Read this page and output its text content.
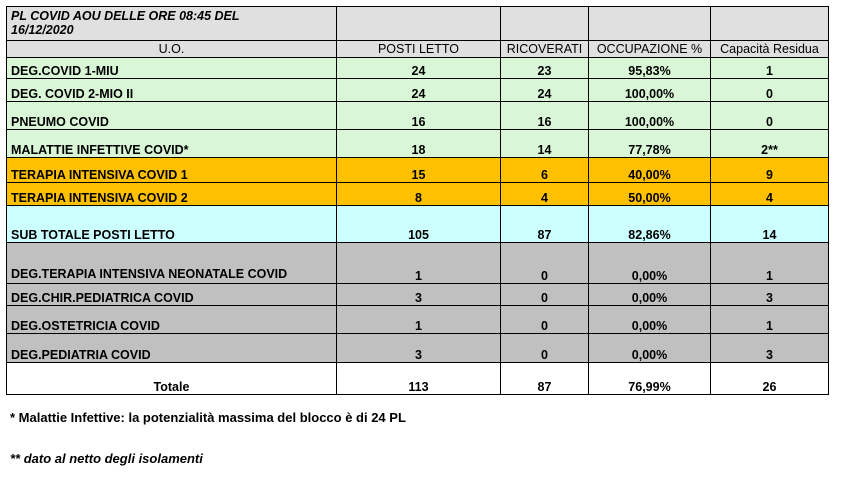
PL COVID AOU DELLE ORE 08:45 DEL
16/12/2020				

U.O.	POSTI LETTO	RICOVERATI	OCCUPAZIONE %	Capacità Residua
DEG.COVID 1-MIU	24	23	95,83%	1
DEG. COVID 2-MIO II	24	24	100,00%	0
PNEUMO COVID	16	16	100,00%	0
MALATTIE INFETTIVE COVID*	18	14	77,78%	2**
TERAPIA INTENSIVA COVID 1	15	6	40,00%	9
TERAPIA INTENSIVA COVID 2	8	4	50,00%	4
SUB TOTALE POSTI LETTO	105	87	82,86%	14
DEG.TERAPIA INTENSIVA NEONATALE COVID	1	0	0,00%	1
DEG.CHIR.PEDIATRICA COVID	3	0	0,00%	3
DEG.OSTETRICIA COVID	1	0	0,00%	1
DEG.PEDIATRIA COVID	3	0	0,00%	3
Totale	113	87	76,99%	26
* Malattie Infettive: la potenzialità massima del blocco è di 24 PL
** dato al netto degli isolamenti
